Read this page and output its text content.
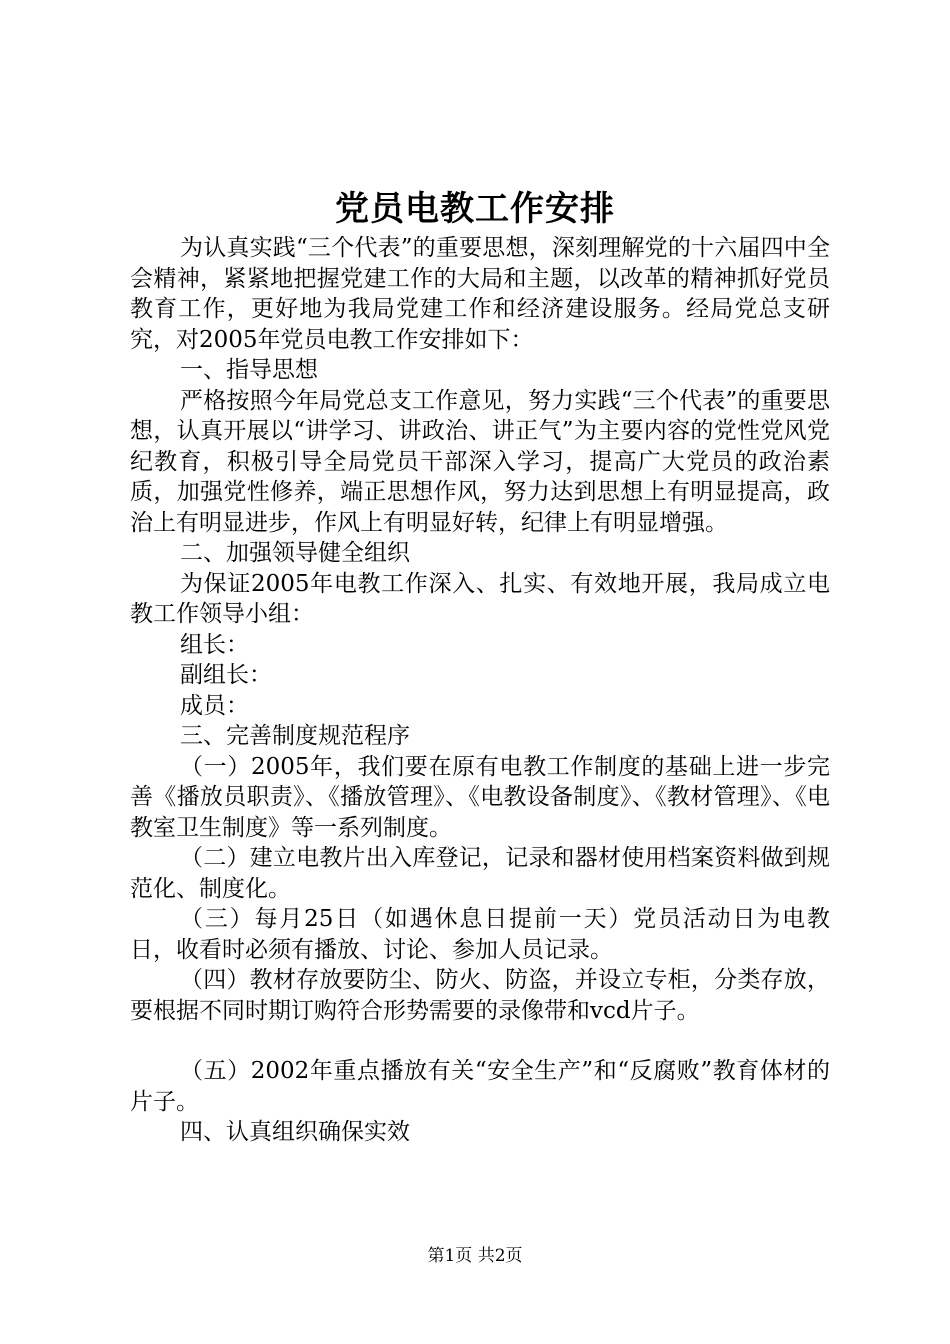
党员电教工作安排

为认真实践“三个代表”的重要思想，深刻理解党的十六届四中全会精神，紧紧地把握党建工作的大局和主题，以改革的精神抓好党员教育工作，更好地为我局党建工作和经济建设服务。经局党总支研究，对2005年党员电教工作安排如下：

一、指导思想

严格按照今年局党总支工作意见，努力实践“三个代表”的重要思想，认真开展以“讲学习、讲政治、讲正气”为主要内容的党性党风党纪教育，积极引导全局党员干部深入学习，提高广大党员的政治素质，加强党性修养，端正思想作风，努力达到思想上有明显提高，政治上有明显进步，作风上有明显好转，纪律上有明显增强。

二、加强领导健全组织

为保证2005年电教工作深入、扎实、有效地开展，我局成立电教工作领导小组：

组长：

副组长：

成员：

三、完善制度规范程序

（一）2005年，我们要在原有电教工作制度的基础上进一步完善《播放员职责》、《播放管理》、《电教设备制度》、《教材管理》、《电教室卫生制度》等一系列制度。

（二）建立电教片出入库登记，记录和器材使用档案资料做到规范化、制度化。

（三）每月25日（如遇休息日提前一天）党员活动日为电教日，收看时必须有播放、讨论、参加人员记录。

（四）教材存放要防尘、防火、防盗，并设立专柜，分类存放，要根据不同时期订购符合形势需要的录像带和vcd片子。

（五）2002年重点播放有关“安全生产”和“反腐败”教育体材的片子。

四、认真组织确保实效

第1页 共2页
